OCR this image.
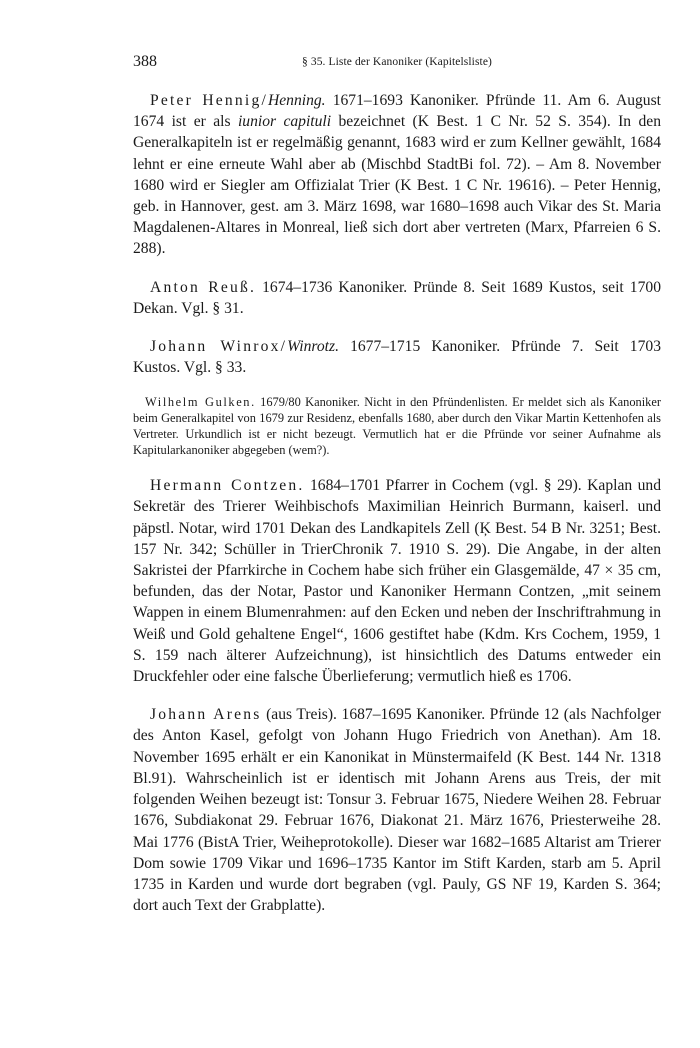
388	§ 35. Liste der Kanoniker (Kapitelsliste)

Peter Hennig/Henning. 1671–1693 Kanoniker. Pfründe 11. Am 6. August 1674 ist er als iunior capituli bezeichnet (K Best. 1 C Nr. 52 S. 354). In den Generalkapiteln ist er regelmäßig genannt, 1683 wird er zum Kellner gewählt, 1684 lehnt er eine erneute Wahl aber ab (Mischbd StadtBi fol. 72). – Am 8. November 1680 wird er Siegler am Offizialat Trier (K Best. 1 C Nr. 19616). – Peter Hennig, geb. in Hannover, gest. am 3. März 1698, war 1680–1698 auch Vikar des St. Maria Magdalenen-Altares in Monreal, ließ sich dort aber vertreten (Marx, Pfarreien 6 S. 288).

Anton Reuß. 1674–1736 Kanoniker. Pründe 8. Seit 1689 Kustos, seit 1700 Dekan. Vgl. § 31.

Johann Winrox/Winrotz. 1677–1715 Kanoniker. Pfründe 7. Seit 1703 Kustos. Vgl. § 33.

Wilhelm Gulken. 1679/80 Kanoniker. Nicht in den Pfründenlisten. Er meldet sich als Kanoniker beim Generalkapitel von 1679 zur Residenz, ebenfalls 1680, aber durch den Vikar Martin Kettenhofen als Vertreter. Urkundlich ist er nicht bezeugt. Vermutlich hat er die Pfründe vor seiner Aufnahme als Kapitularkanoniker abgegeben (wem?).

Hermann Contzen. 1684–1701 Pfarrer in Cochem (vgl. § 29). Kaplan und Sekretär des Trierer Weihbischofs Maximilian Heinrich Burmann, kaiserl. und päpstl. Notar, wird 1701 Dekan des Landkapitels Zell (Ķ Best. 54 B Nr. 3251; Best. 157 Nr. 342; Schüller in TrierChronik 7. 1910 S. 29). Die Angabe, in der alten Sakristei der Pfarrkirche in Cochem habe sich früher ein Glasgemälde, 47 × 35 cm, befunden, das der Notar, Pastor und Kanoniker Hermann Contzen, „mit seinem Wappen in einem Blumenrahmen: auf den Ecken und neben der Inschriftrahmung in Weiß und Gold gehaltene Engel“, 1606 gestiftet habe (Kdm. Krs Cochem, 1959, 1 S. 159 nach älterer Aufzeichnung), ist hinsichtlich des Datums entweder ein Druckfehler oder eine falsche Überlieferung; vermutlich hieß es 1706.

Johann Arens (aus Treis). 1687–1695 Kanoniker. Pfründe 12 (als Nachfolger des Anton Kasel, gefolgt von Johann Hugo Friedrich von Anethan). Am 18. November 1695 erhält er ein Kanonikat in Münstermaifeld (K Best. 144 Nr. 1318 Bl.91). Wahrscheinlich ist er identisch mit Johann Arens aus Treis, der mit folgenden Weihen bezeugt ist: Tonsur 3. Februar 1675, Niedere Weihen 28. Februar 1676, Subdiakonat 29. Februar 1676, Diakonat 21. März 1676, Priesterweihe 28. Mai 1776 (BistA Trier, Weiheprotokolle). Dieser war 1682–1685 Altarist am Trierer Dom sowie 1709 Vikar und 1696–1735 Kantor im Stift Karden, starb am 5. April 1735 in Karden und wurde dort begraben (vgl. Pauly, GS NF 19, Karden S. 364; dort auch Text der Grabplatte).
